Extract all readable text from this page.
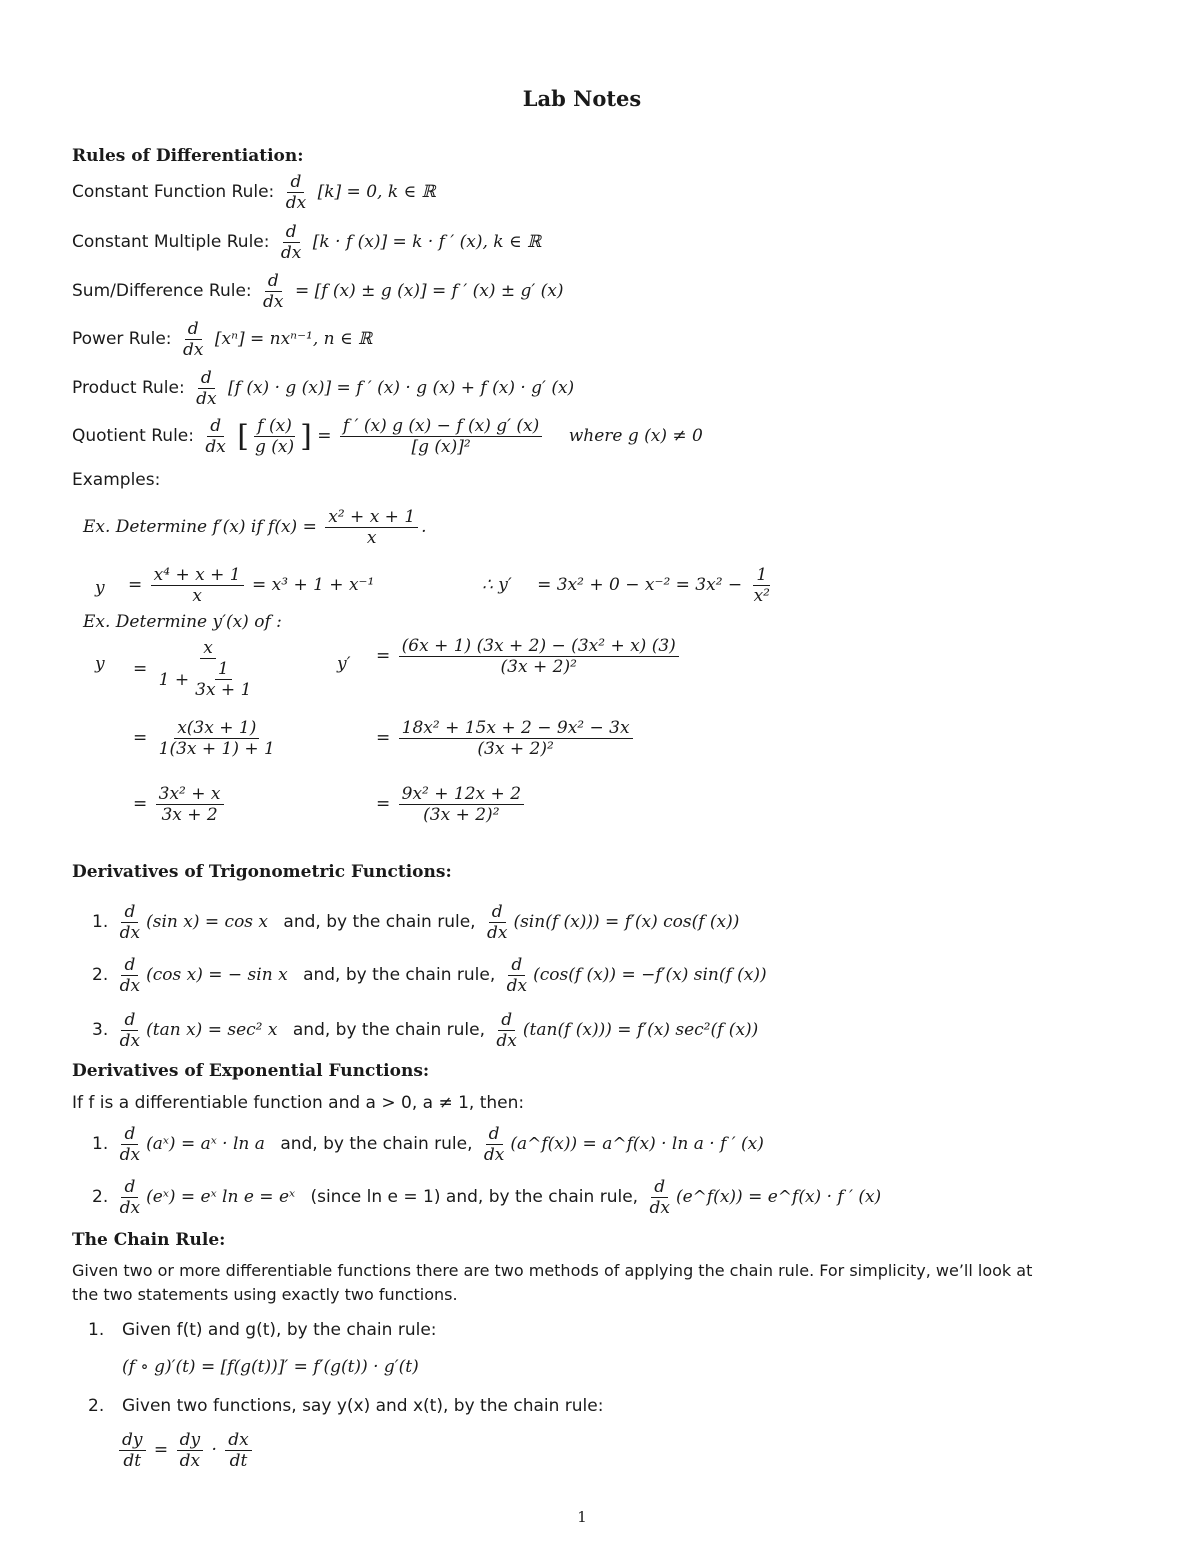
Lab Notes
Rules of Differentiation:
Constant Function Rule: $\frac{d}{dx} [k] = 0$, k ∈ ℝ
Constant Multiple Rule: $\frac{d}{dx} [k \cdot f$ (x)] = k · f ′ (x), k ∈ ℝ
Sum/Difference Rule: $\frac{d}{dx} = [f$ (x) ± g (x)] = f ′ (x) ± g′ (x)
Power Rule: $\frac{d}{dx} [x^n] = nx^{n-1}$, n ∈ ℝ
Product Rule: $\frac{d}{dx} [f$ (x) · g (x)] = f ′ (x) · g (x) + f (x) · g′ (x)
Quotient Rule: $\frac{d}{dx}$ [ $\frac{f (x)}{g (x)}$ ] = $\frac{f ' (x) g (x) - f (x) g' (x)}{\text{[g (x)]²}}$ where g (x) ≠ 0
Examples:
Ex. Determine f′(x) if $f(x) = \frac{\text{x² + x + 1}}{x}$ .
$y = \frac{\text{x⁴ + x + 1}}{x} = x^3 + 1 + x^{-1}$	∴ $y' = 3x^2 + 0 - x^{-2} = 3x^2 - \frac{1}{\text{x²}}$
Ex. Determine y′(x) of :
$y = \frac{x}{1 + \frac{1}{3x + 1}}$
= $\frac{x(3x + 1)}{1(3x + 1) + 1}$
= $\frac{\text{3x² + x}}{3x + 2}$
$y' = \frac{\text{(6x + 1) (3x + 2) − (3x² + x) (3)}}{\text{(3x + 2)²}}$
= $\frac{\text{18x² + 15x + 2 − 9x² − 3x}}{\text{(3x + 2)²}}$
= $\frac{\text{9x² + 12x + 2}}{\text{(3x + 2)²}}$
Derivatives of Trigonometric Functions:
1. $\frac{d}{dx} (\sin$ x) = cos x and, by the chain rule, $\frac{d}{dx} (\sin(f$ (x))) = f′(x) cos(f (x))
2. $\frac{d}{dx} (\cos$ x) = − sin x and, by the chain rule, $\frac{d}{dx} (\cos(f$ (x)) = −f′(x) sin(f (x))
3. $\frac{d}{dx} (\tan$ x) = sec² x and, by the chain rule, $\frac{d}{dx} (\tan(f$ (x))) = f′(x) sec²(f (x))
Derivatives of Exponential Functions:
If f is a differentiable function and a > 0, a ≠ 1, then:
1. $\frac{d}{dx}$ (aˣ) = aˣ · ln a and, by the chain rule, $\frac{d}{dx}$ (a^f(x)) = a^f(x) · ln a · f ′ (x)
2. $\frac{d}{dx}$ (eˣ) = eˣ ln e = eˣ (since ln e = 1) and, by the chain rule, $\frac{d}{dx}$ (e^f(x)) = e^f(x) · f ′ (x)
The Chain Rule:
Given two or more differentiable functions there are two methods of applying the chain rule. For simplicity, we’ll look at
the two statements using exactly two functions.
1. Given f(t) and g(t), by the chain rule:
(f ∘ g)′(t) = [f(g(t))]′ = f′(g(t)) · g′(t)
2. Given two functions, say y(x) and x(t), by the chain rule:
$\frac{dy}{dt} = \frac{dy}{dx} \cdot \frac{dx}{dt}$
1
